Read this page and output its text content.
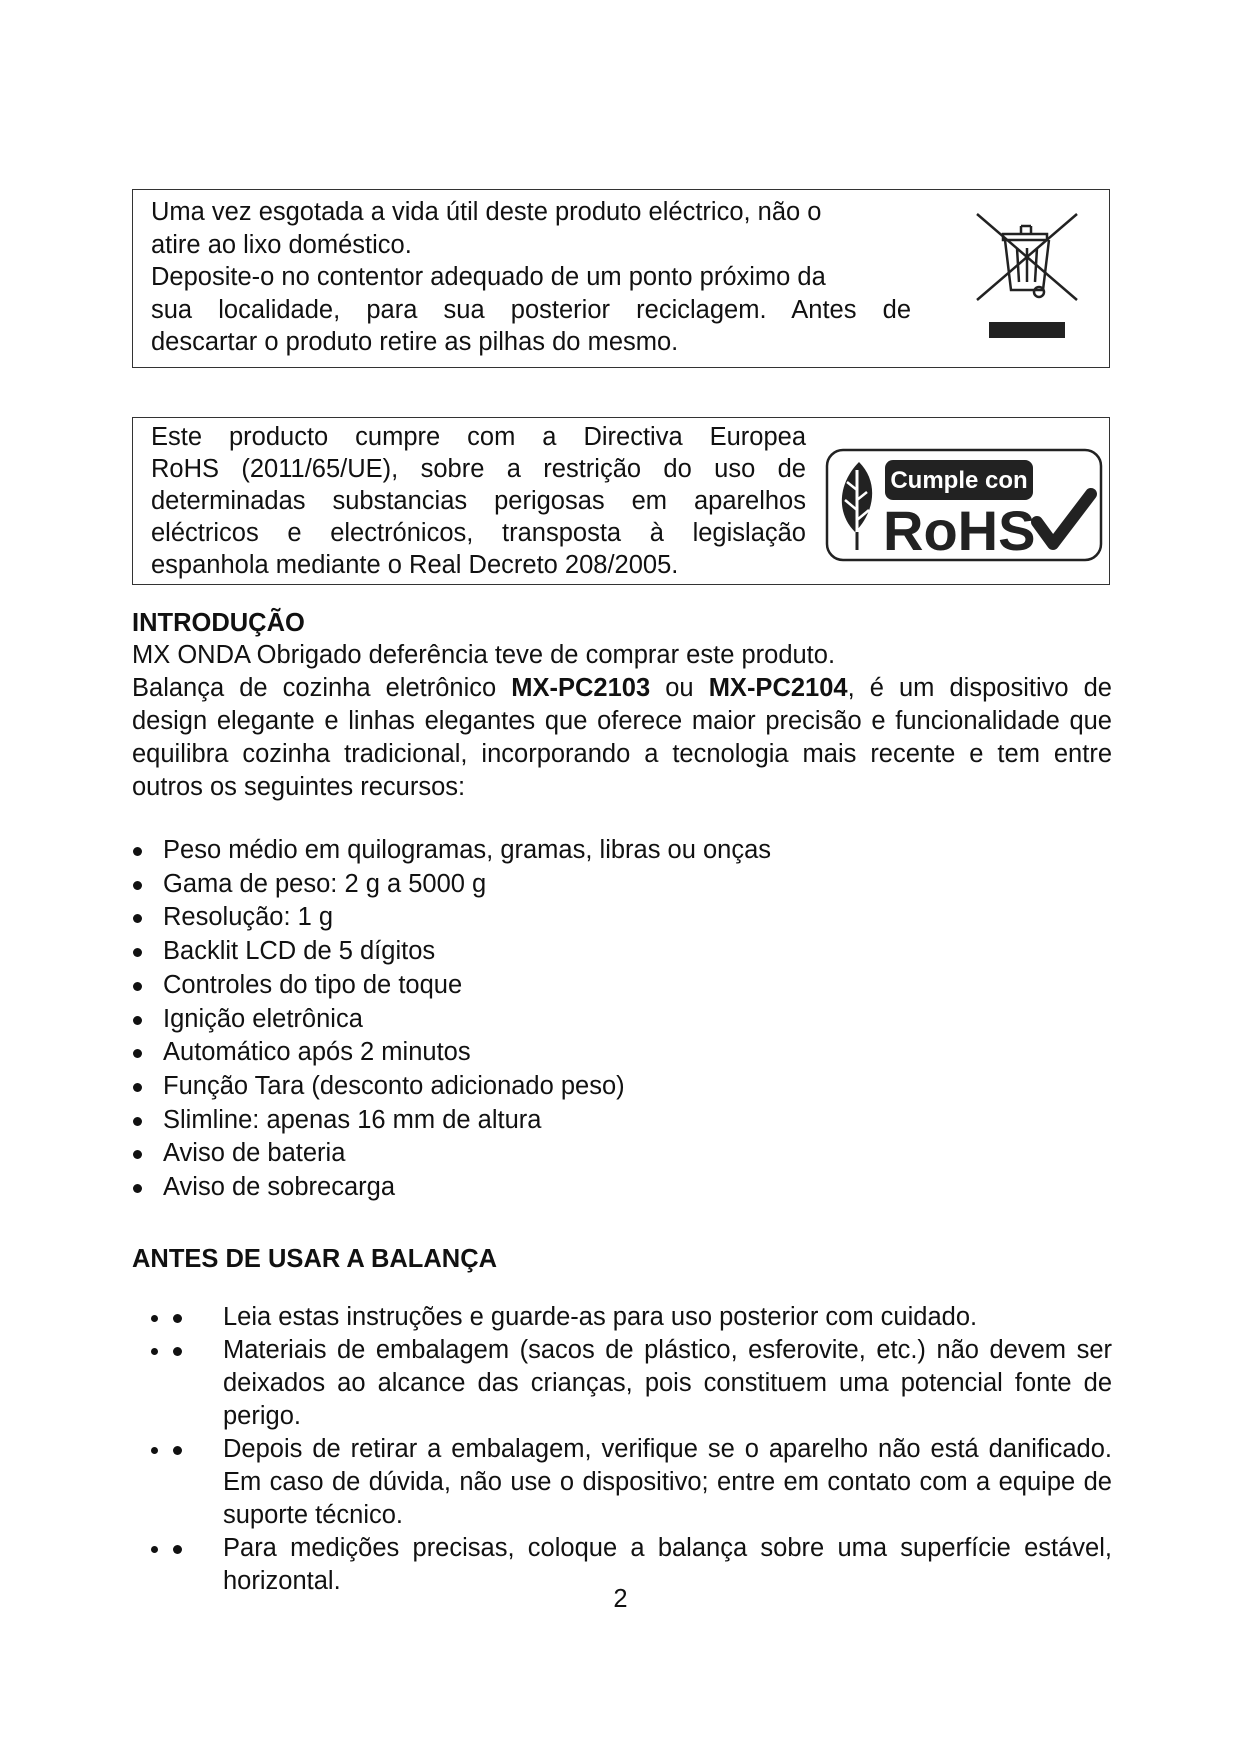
Uma vez esgotada a vida útil deste produto eléctrico, não o

atire ao lixo doméstico.

Deposite-o no contentor adequado de um ponto próximo da

sua localidade, para sua posterior reciclagem. Antes de

descartar o produto retire as pilhas do mesmo.

Este producto cumpre com a Directiva Europea

RoHS (2011/65/UE), sobre a restrição do uso de

determinadas substancias perigosas em aparelhos

eléctricos e electrónicos, transposta à legislação

espanhola mediante o Real Decreto 208/2005.

Cumple con
RoHS
INTRODUÇÃO

MX ONDA Obrigado deferência teve de comprar este produto.

Balança de cozinha eletrônico MX-PC2103 ou MX-PC2104, é um dispositivo de design elegante e linhas elegantes que oferece maior precisão e funcionalidade que equilibra cozinha tradicional, incorporando a tecnologia mais recente e tem entre outros os seguintes recursos:

Peso médio em quilogramas, gramas, libras ou onças
Gama de peso: 2 g a 5000 g
Resolução: 1 g
Backlit LCD de 5 dígitos
Controles do tipo de toque
Ignição eletrônica
Automático após 2 minutos
Função Tara (desconto adicionado peso)
Slimline: apenas 16 mm de altura
Aviso de bateria
Aviso de sobrecarga
ANTES DE USAR A BALANÇA
• Leia estas instruções e guarde-as para uso posterior com cuidado.
• Materiais de embalagem (sacos de plástico, esferovite, etc.) não devem ser deixados ao alcance das crianças, pois constituem uma potencial fonte de perigo.
• Depois de retirar a embalagem, verifique se o aparelho não está danificado. Em caso de dúvida, não use o dispositivo; entre em contato com a equipe de suporte técnico.
• Para medições precisas, coloque a balança sobre uma superfície estável, horizontal.
2
